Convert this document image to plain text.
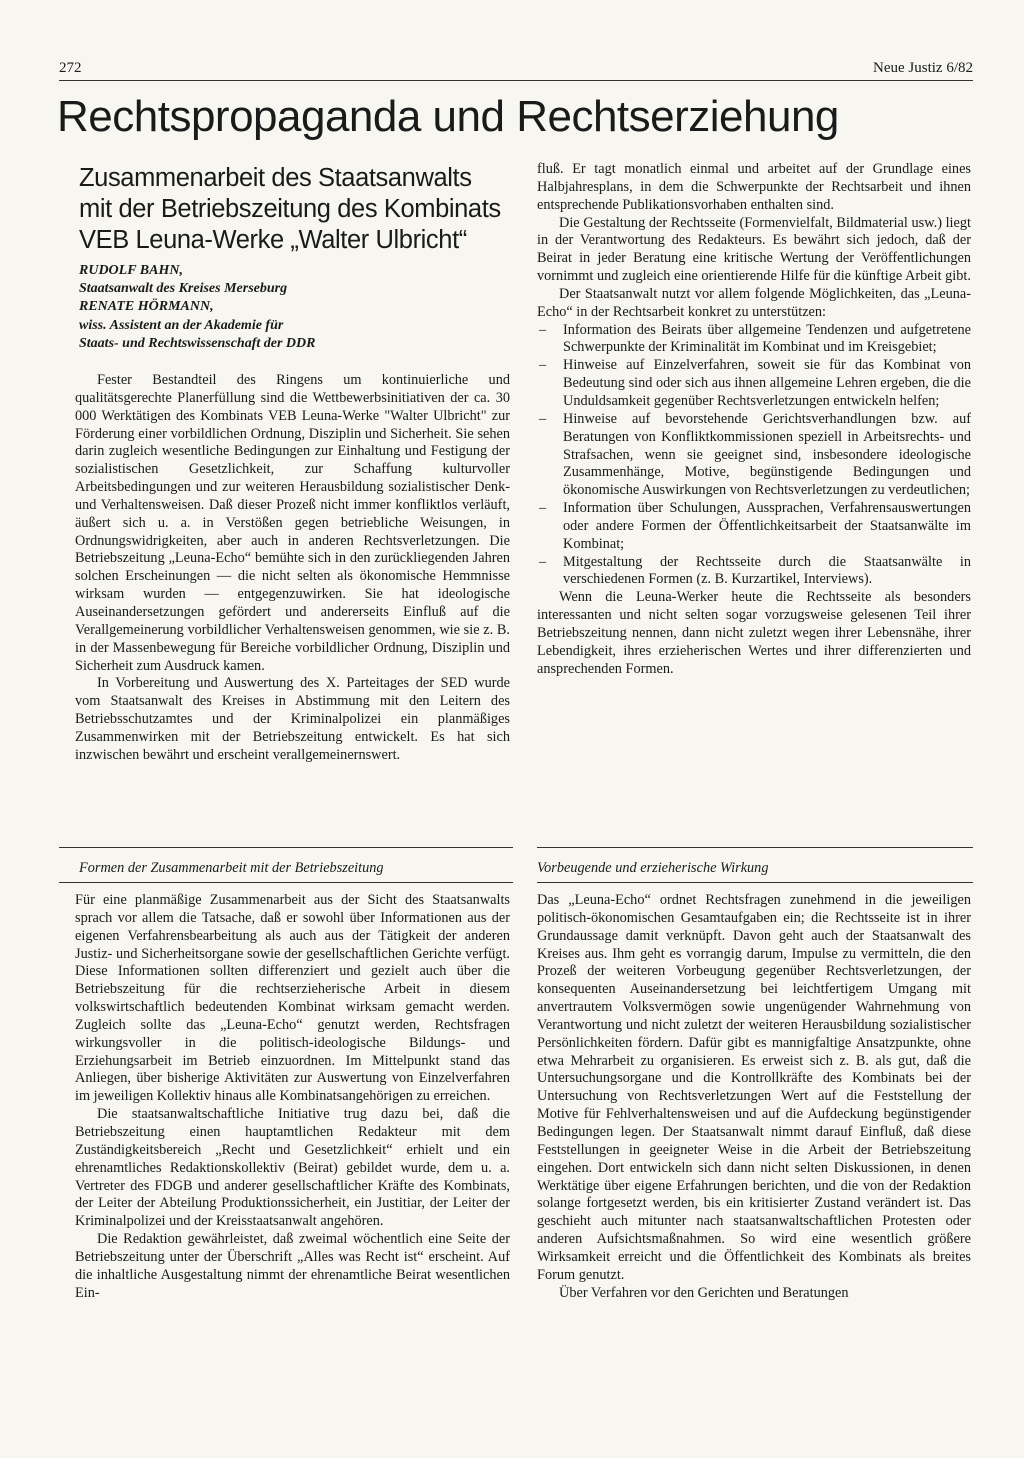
272	Neue Justiz 6/82
Rechtspropaganda und Rechtserziehung
Zusammenarbeit des Staatsanwalts
mit der Betriebszeitung des Kombinats
VEB Leuna-Werke „Walter Ulbricht“
RUDOLF BAHN,
Staatsanwalt des Kreises Merseburg
RENATE HÖRMANN,
wiss. Assistent an der Akademie für
Staats- und Rechtswissenschaft der DDR

Fester Bestandteil des Ringens um kontinuierliche und qualitätsgerechte Planerfüllung sind die Wettbewerbsinitiativen der ca. 30 000 Werktätigen des Kombinats VEB Leuna-Werke "Walter Ulbricht" zur Förderung einer vorbildlichen Ordnung, Disziplin und Sicherheit. Sie sehen darin zugleich wesentliche Bedingungen zur Einhaltung und Festigung der sozialistischen Gesetzlichkeit, zur Schaffung kulturvoller Arbeitsbedingungen und zur weiteren Herausbildung sozialistischer Denk- und Verhaltensweisen. Daß dieser Prozeß nicht immer konfliktlos verläuft, äußert sich u. a. in Verstößen gegen betriebliche Weisungen, in Ordnungswidrigkeiten, aber auch in anderen Rechtsverletzungen. Die Betriebszeitung „Leuna-Echo“ bemühte sich in den zurückliegenden Jahren solchen Erscheinungen — die nicht selten als ökonomische Hemmnisse wirksam wurden — entgegenzuwirken. Sie hat ideologische Auseinandersetzungen gefördert und andererseits Einfluß auf die Verallgemeinerung vorbildlicher Verhaltensweisen genommen, wie sie z. B. in der Massenbewegung für Bereiche vorbildlicher Ordnung, Disziplin und Sicherheit zum Ausdruck kamen.

In Vorbereitung und Auswertung des X. Parteitages der SED wurde vom Staatsanwalt des Kreises in Abstimmung mit den Leitern des Betriebsschutzamtes und der Kriminalpolizei ein planmäßiges Zusammenwirken mit der Betriebszeitung entwickelt. Es hat sich inzwischen bewährt und erscheint verallgemeinernswert.

fluß. Er tagt monatlich einmal und arbeitet auf der Grundlage eines Halbjahresplans, in dem die Schwerpunkte der Rechtsarbeit und ihnen entsprechende Publikationsvorhaben enthalten sind.

Die Gestaltung der Rechtsseite (Formenvielfalt, Bildmaterial usw.) liegt in der Verantwortung des Redakteurs. Es bewährt sich jedoch, daß der Beirat in jeder Beratung eine kritische Wertung der Veröffentlichungen vornimmt und zugleich eine orientierende Hilfe für die künftige Arbeit gibt.

Der Staatsanwalt nutzt vor allem folgende Möglichkeiten, das „Leuna-Echo“ in der Rechtsarbeit konkret zu unterstützen:

– Information des Beirats über allgemeine Tendenzen und aufgetretene Schwerpunkte der Kriminalität im Kombinat und im Kreisgebiet;
– Hinweise auf Einzelverfahren, soweit sie für das Kombinat von Bedeutung sind oder sich aus ihnen allgemeine Lehren ergeben, die die Unduldsamkeit gegenüber Rechtsverletzungen entwickeln helfen;
– Hinweise auf bevorstehende Gerichtsverhandlungen bzw. auf Beratungen von Konfliktkommissionen speziell in Arbeitsrechts- und Strafsachen, wenn sie geeignet sind, insbesondere ideologische Zusammenhänge, Motive, begünstigende Bedingungen und ökonomische Auswirkungen von Rechtsverletzungen zu verdeutlichen;
– Information über Schulungen, Aussprachen, Verfahrensauswertungen oder andere Formen der Öffentlichkeitsarbeit der Staatsanwälte im Kombinat;
– Mitgestaltung der Rechtsseite durch die Staatsanwälte in verschiedenen Formen (z. B. Kurzartikel, Interviews).

Wenn die Leuna-Werker heute die Rechtsseite als besonders interessanten und nicht selten sogar vorzugsweise gelesenen Teil ihrer Betriebszeitung nennen, dann nicht zuletzt wegen ihrer Lebensnähe, ihrer Lebendigkeit, ihres erzieherischen Wertes und ihrer differenzierten und ansprechenden Formen.

Formen der Zusammenarbeit mit der Betriebszeitung	Vorbeugende und erzieherische Wirkung

Für eine planmäßige Zusammenarbeit aus der Sicht des Staatsanwalts sprach vor allem die Tatsache, daß er sowohl über Informationen aus der eigenen Verfahrensbearbeitung als auch aus der Tätigkeit der anderen Justiz- und Sicherheitsorgane sowie der gesellschaftlichen Gerichte verfügt. Diese Informationen sollten differenziert und gezielt auch über die Betriebszeitung für die rechtserzieherische Arbeit in diesem volkswirtschaftlich bedeutenden Kombinat wirksam gemacht werden. Zugleich sollte das „Leuna-Echo“ genutzt werden, Rechtsfragen wirkungsvoller in die politisch-ideologische Bildungs- und Erziehungsarbeit im Betrieb einzuordnen. Im Mittelpunkt stand das Anliegen, über bisherige Aktivitäten zur Auswertung von Einzelverfahren im jeweiligen Kollektiv hinaus alle Kombinatsangehörigen zu erreichen.

Die staatsanwaltschaftliche Initiative trug dazu bei, daß die Betriebszeitung einen hauptamtlichen Redakteur mit dem Zuständigkeitsbereich „Recht und Gesetzlichkeit“ erhielt und ein ehrenamtliches Redaktionskollektiv (Beirat) gebildet wurde, dem u. a. Vertreter des FDGB und anderer gesellschaftlicher Kräfte des Kombinats, der Leiter der Abteilung Produktionssicherheit, ein Justitiar, der Leiter der Kriminalpolizei und der Kreisstaatsanwalt angehören.

Die Redaktion gewährleistet, daß zweimal wöchentlich eine Seite der Betriebszeitung unter der Überschrift „Alles was Recht ist“ erscheint. Auf die inhaltliche Ausgestaltung nimmt der ehrenamtliche Beirat wesentlichen Ein-

Das „Leuna-Echo“ ordnet Rechtsfragen zunehmend in die jeweiligen politisch-ökonomischen Gesamtaufgaben ein; die Rechtsseite ist in ihrer Grundaussage damit verknüpft. Davon geht auch der Staatsanwalt des Kreises aus. Ihm geht es vorrangig darum, Impulse zu vermitteln, die den Prozeß der weiteren Vorbeugung gegenüber Rechtsverletzungen, der konsequenten Auseinandersetzung bei leichtfertigem Umgang mit anvertrautem Volksvermögen sowie ungenügender Wahrnehmung von Verantwortung und nicht zuletzt der weiteren Herausbildung sozialistischer Persönlichkeiten fördern. Dafür gibt es mannigfaltige Ansatzpunkte, ohne etwa Mehrarbeit zu organisieren. Es erweist sich z. B. als gut, daß die Untersuchungsorgane und die Kontrollkräfte des Kombinats bei der Untersuchung von Rechtsverletzungen Wert auf die Feststellung der Motive für Fehlverhaltensweisen und auf die Aufdeckung begünstigender Bedingungen legen. Der Staatsanwalt nimmt darauf Einfluß, daß diese Feststellungen in geeigneter Weise in die Arbeit der Betriebszeitung eingehen. Dort entwickeln sich dann nicht selten Diskussionen, in denen Werktätige über eigene Erfahrungen berichten, und die von der Redaktion solange fortgesetzt werden, bis ein kritisierter Zustand verändert ist. Das geschieht auch mitunter nach staatsanwaltschaftlichen Protesten oder anderen Aufsichtsmaßnahmen. So wird eine wesentlich größere Wirksamkeit erreicht und die Öffentlichkeit des Kombinats als breites Forum genutzt.

Über Verfahren vor den Gerichten und Beratungen
